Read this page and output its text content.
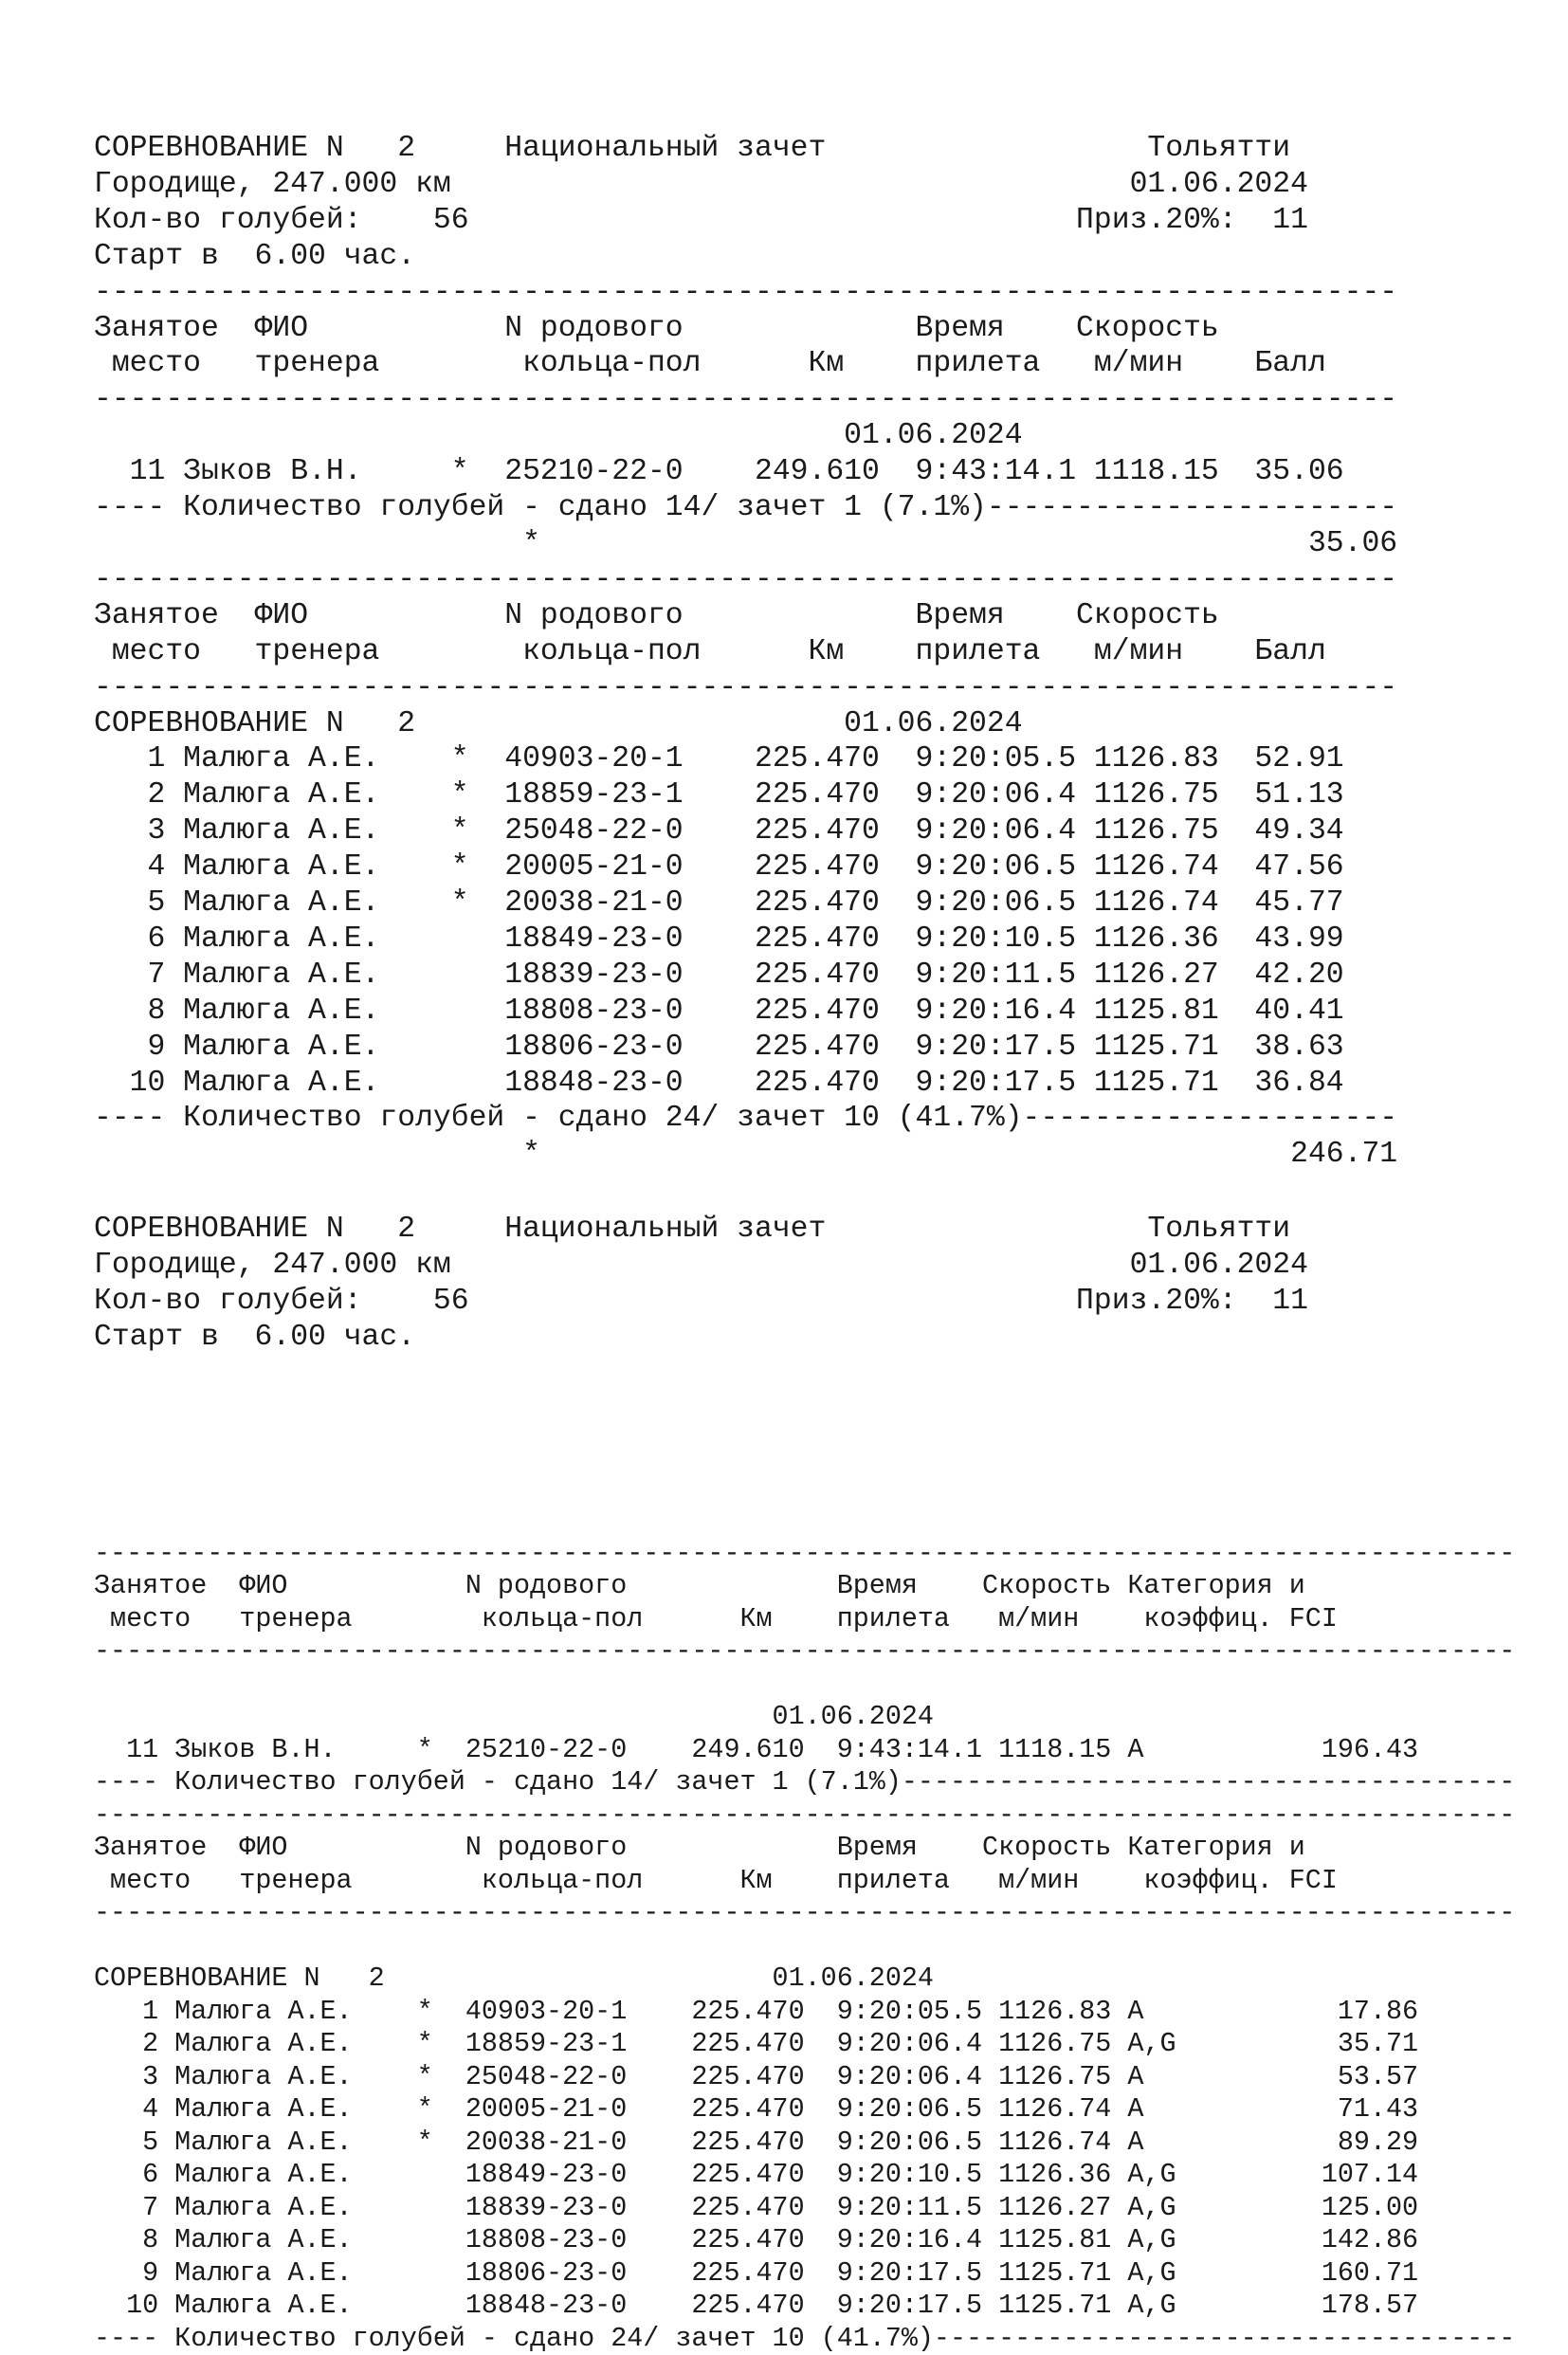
СОРЕВНОВАНИЕ N   2     Национальный зачет                  Тольятти
Городище, 247.000 км                                      01.06.2024
Кол-во голубей:    56                                  Приз.20%:  11
Старт в  6.00 час.
-------------------------------------------------------------------------
Занятое  ФИО           N родового             Время    Скорость
место   тренера        кольца-пол      Км    прилета   м/мин    Балл
-------------------------------------------------------------------------
01.06.2024
11 Зыков В.Н.     *  25210-22-0    249.610  9:43:14.1 1118.15  35.06
---- Количество голубей - сдано 14/ зачет 1 (7.1%)-----------------------
*                                           35.06
-------------------------------------------------------------------------
Занятое  ФИО           N родового             Время    Скорость
место   тренера        кольца-пол      Км    прилета   м/мин    Балл
-------------------------------------------------------------------------
СОРЕВНОВАНИЕ N   2                        01.06.2024
1 Малюга А.Е.    *  40903-20-1    225.470  9:20:05.5 1126.83  52.91
2 Малюга А.Е.    *  18859-23-1    225.470  9:20:06.4 1126.75  51.13
3 Малюга А.Е.    *  25048-22-0    225.470  9:20:06.4 1126.75  49.34
4 Малюга А.Е.    *  20005-21-0    225.470  9:20:06.5 1126.74  47.56
5 Малюга А.Е.    *  20038-21-0    225.470  9:20:06.5 1126.74  45.77
6 Малюга А.Е.       18849-23-0    225.470  9:20:10.5 1126.36  43.99
7 Малюга А.Е.       18839-23-0    225.470  9:20:11.5 1126.27  42.20
8 Малюга А.Е.       18808-23-0    225.470  9:20:16.4 1125.81  40.41
9 Малюга А.Е.       18806-23-0    225.470  9:20:17.5 1125.71  38.63
10 Малюга А.Е.       18848-23-0    225.470  9:20:17.5 1125.71  36.84
---- Количество голубей - сдано 24/ зачет 10 (41.7%)---------------------
*                                          246.71
СОРЕВНОВАНИЕ N   2     Национальный зачет                  Тольятти
Городище, 247.000 км                                      01.06.2024
Кол-во голубей:    56                                  Приз.20%:  11
Старт в  6.00 час.

----------------------------------------------------------------------------------------
Занятое  ФИО           N родового             Время    Скорость Категория и
место   тренера        кольца-пол      Км    прилета   м/мин    коэффиц. FCI
----------------------------------------------------------------------------------------

01.06.2024
11 Зыков В.Н.     *  25210-22-0    249.610  9:43:14.1 1118.15 A           196.43
---- Количество голубей - сдано 14/ зачет 1 (7.1%)--------------------------------------
----------------------------------------------------------------------------------------
Занятое  ФИО           N родового             Время    Скорость Категория и
место   тренера        кольца-пол      Км    прилета   м/мин    коэффиц. FCI
----------------------------------------------------------------------------------------

СОРЕВНОВАНИЕ N   2                        01.06.2024
1 Малюга А.Е.    *  40903-20-1    225.470  9:20:05.5 1126.83 A            17.86
2 Малюга А.Е.    *  18859-23-1    225.470  9:20:06.4 1126.75 A,G          35.71
3 Малюга А.Е.    *  25048-22-0    225.470  9:20:06.4 1126.75 A            53.57
4 Малюга А.Е.    *  20005-21-0    225.470  9:20:06.5 1126.74 A            71.43
5 Малюга А.Е.    *  20038-21-0    225.470  9:20:06.5 1126.74 A            89.29
6 Малюга А.Е.       18849-23-0    225.470  9:20:10.5 1126.36 A,G         107.14
7 Малюга А.Е.       18839-23-0    225.470  9:20:11.5 1126.27 A,G         125.00
8 Малюга А.Е.       18808-23-0    225.470  9:20:16.4 1125.81 A,G         142.86
9 Малюга А.Е.       18806-23-0    225.470  9:20:17.5 1125.71 A,G         160.71
10 Малюга А.Е.       18848-23-0    225.470  9:20:17.5 1125.71 A,G         178.57
---- Количество голубей - сдано 24/ зачет 10 (41.7%)------------------------------------
